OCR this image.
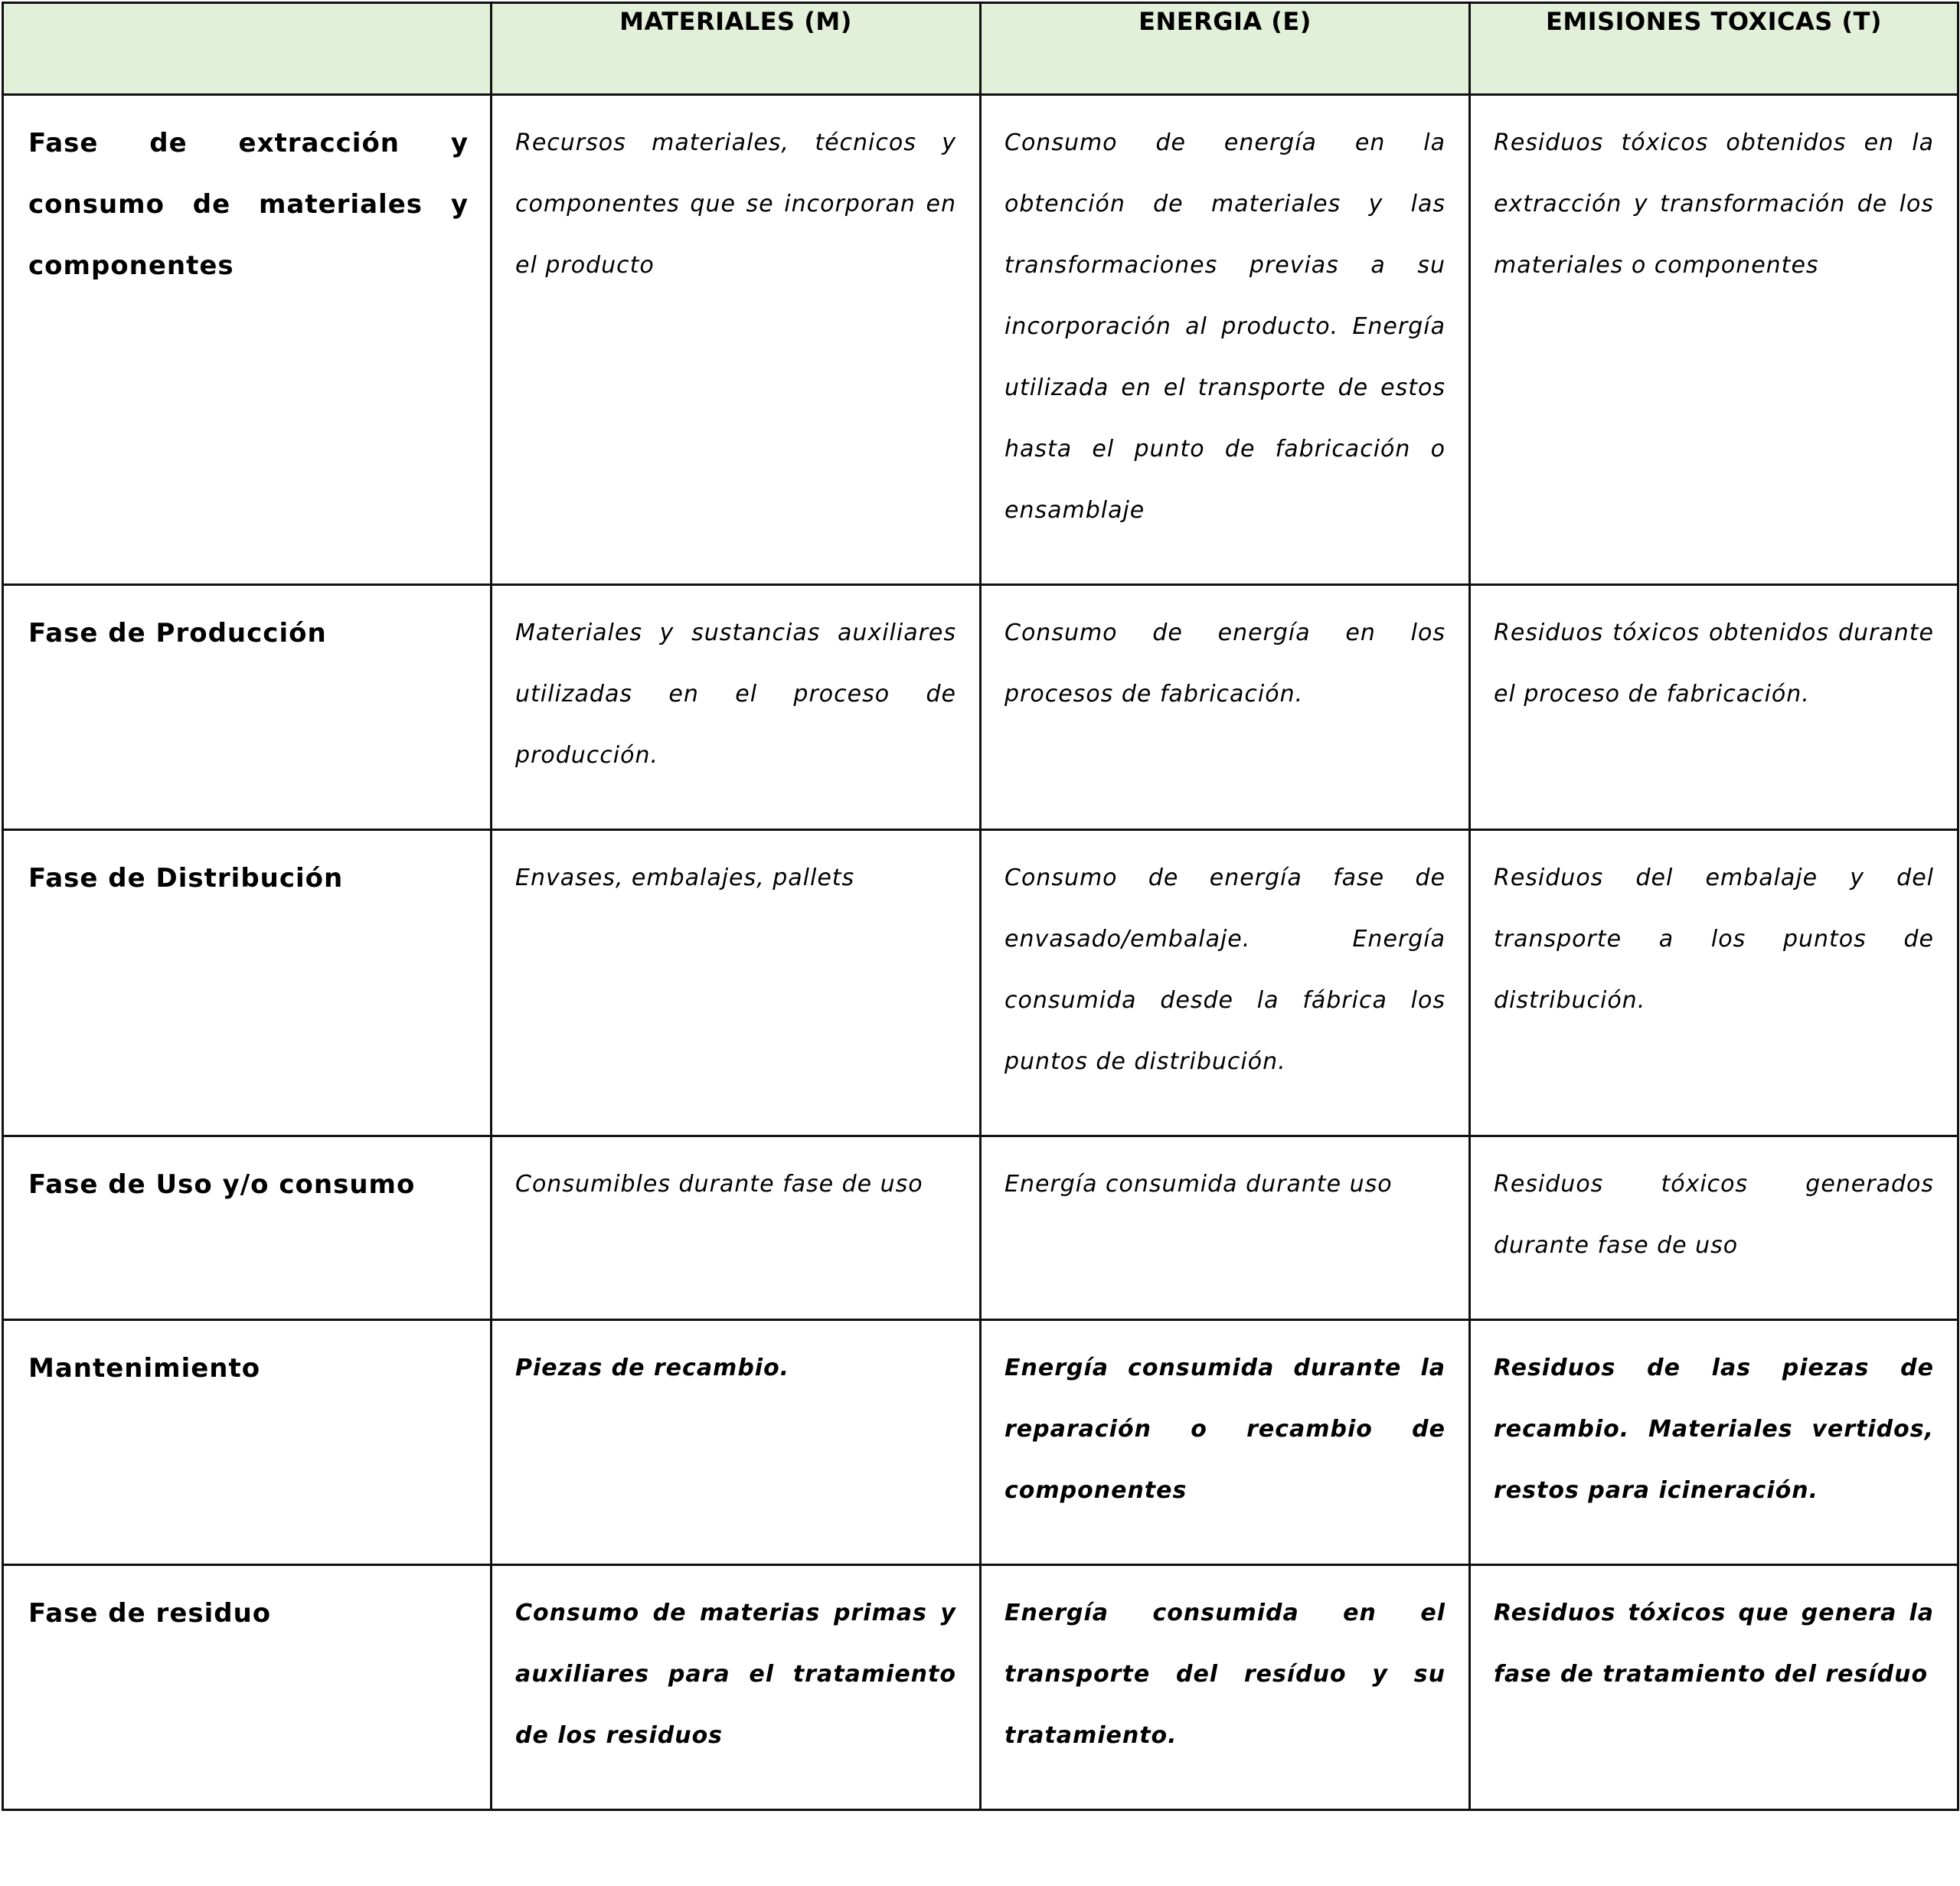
	MATERIALES (M)	ENERGIA (E)	EMISIONES TOXICAS (T)
Fase de extracción y consumo de materiales y componentes	Recursos materiales, técnicos y componentes que se incorporan en el producto	Consumo de energía en la obtención de materiales y las transformaciones previas a su incorporación al producto. Energía utilizada en el transporte de estos hasta el punto de fabricación o ensamblaje	Residuos tóxicos obtenidos en la extracción y transformación de los materiales o componentes
Fase de Producción	Materiales y sustancias auxiliares utilizadas en el proceso de producción.	Consumo de energía en los procesos de fabricación.	Residuos tóxicos obtenidos durante el proceso de fabricación.
Fase de Distribución	Envases, embalajes, pallets	Consumo de energía fase de envasado/embalaje. Energía consumida desde la fábrica los puntos de distribución.	Residuos del embalaje y del transporte a los puntos de distribución.
Fase de Uso y/o consumo	Consumibles durante fase de uso	Energía consumida durante uso	Residuos tóxicos generados durante fase de uso
Mantenimiento	Piezas de recambio.	Energía consumida durante la reparación o recambio de componentes	Residuos de las piezas de recambio. Materiales vertidos, restos para icineración.
Fase de residuo	Consumo de materias primas y auxiliares para el tratamiento de los residuos	Energía consumida en el transporte del resíduo y su tratamiento.	Residuos tóxicos que genera la fase de tratamiento del resíduo
